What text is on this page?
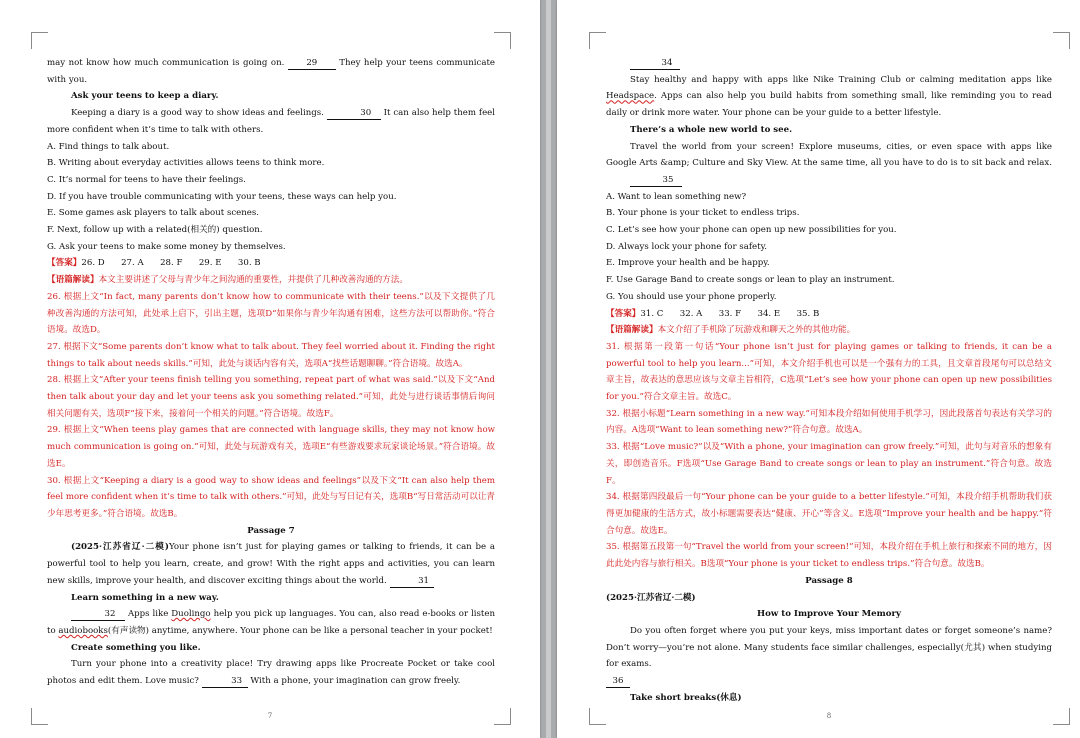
may not know how much communication is going on. 29 They help your teens communicate with you.

Ask your teens to keep a diary.

Keeping a diary is a good way to show ideas and feelings.	30 It can also help them feel more confident when it’s time to talk with others.

A. Find things to talk about.

B. Writing about everyday activities allows teens to think more.

C. It’s normal for teens to have their feelings.

D. If you have trouble communicating with your teens, these ways can help you.

E. Some games ask players to talk about scenes.

F. Next, follow up with a related(相关的) question.

G. Ask your teens to make some money by themselves.

【答案】26. D      27. A      28. F      29. E      30. B

【语篇解读】本文主要讲述了父母与青少年之间沟通的重要性，并提供了几种改善沟通的方法。

26. 根据上文“In fact, many parents don’t know how to communicate with their teens.”以及下文提供了几种改善沟通的方法可知，此处承上启下，引出主题，选项D“如果你与青少年沟通有困难，这些方法可以帮助你。”符合语境。故选D。

27. 根据下文“Some parents don’t know what to talk about. They feel worried about it. Finding the right things to talk about needs skills.”可知，此处与谈话内容有关，选项A“找些话题聊聊。”符合语境。故选A。

28. 根据上文“After your teens finish telling you something, repeat part of what was said.”以及下文“And then talk about your day and let your teens ask you something related.”可知，此处与进行谈话事情后询问相关问题有关，选项F“接下来，接着问一个相关的问题。”符合语境。故选F。

29. 根据上文“When teens play games that are connected with language skills, they may not know how much communication is going on.”可知，此处与玩游戏有关，选项E“有些游戏要求玩家谈论场景。”符合语境。故选E。

30. 根据上文“Keeping a diary is a good way to show ideas and feelings”以及下文“It can also help them feel more confident when it’s time to talk with others.”可知，此处与写日记有关，选项B“写日常活动可以让青少年思考更多。”符合语境。故选B。

Passage 7

(2025·江苏省辽·二模)Your phone isn’t just for playing games or talking to friends, it can be a powerful tool to help you learn, create, and grow! With the right apps and activities, you can learn new skills, improve your health, and discover exciting things about the world.	31

Learn something in a new way.

32 Apps like Duolingo help you pick up languages. You can, also read e-books or listen to audiobooks(有声读物) anytime, anywhere. Your phone can be like a personal teacher in your pocket!

Create something you like.

Turn your phone into a creativity place! Try drawing apps like Procreate Pocket or take cool photos and edit them. Love music?	33 With a phone, your imagination can grow freely.

7

34

Stay healthy and happy with apps like Nike Training Club or calming meditation apps like Headspace. Apps can also help you build habits from something small, like reminding you to read daily or drink more water. Your phone can be your guide to a better lifestyle.

There’s a whole new world to see.

Travel the world from your screen! Explore museums, cities, or even space with apps like Google Arts &amp; Culture and Sky View. At the same time, all you have to do is to sit back and relax.

35

A. Want to lean something new?

B. Your phone is your ticket to endless trips.

C. Let’s see how your phone can open up new possibilities for you.

D. Always lock your phone for safety.

E. Improve your health and be happy.

F. Use Garage Band to create songs or lean to play an instrument.

G. You should use your phone properly.

【答案】31. C      32. A      33. F      34. E      35. B

【语篇解读】本文介绍了手机除了玩游戏和聊天之外的其他功能。

31. 根据第一段第一句话“Your phone isn’t just for playing games or talking to friends, it can be a powerful tool to help you learn...”可知，本文介绍手机也可以是一个强有力的工具，且文章首段尾句可以总结文章主旨，故表达的意思应该与文章主旨相符，C选项“Let’s see how your phone can open up new possibilities for you.”符合文章主旨。故选C。

32. 根据小标题“Learn something in a new way.”可知本段介绍如何使用手机学习，因此段落首句表达有关学习的内容。A选项“Want to lean something new?”符合句意。故选A。

33. 根据“Love music?”以及“With a phone, your imagination can grow freely.”可知，此句与对音乐的想象有关，即创造音乐。F选项“Use Garage Band to create songs or lean to play an instrument.”符合句意。故选F。

34. 根据第四段最后一句“Your phone can be your guide to a better lifestyle.”可知，本段介绍手机帮助我们获得更加健康的生活方式，故小标题需要表达“健康、开心”等含义。E选项“Improve your health and be happy.”符合句意。故选E。

35. 根据第五段第一句“Travel the world from your screen!”可知，本段介绍在手机上旅行和探索不同的地方，因此此处内容与旅行相关。B选项“Your phone is your ticket to endless trips.”符合句意。故选B。

Passage 8

(2025·江苏省辽·二模)

How to Improve Your Memory

Do you often forget where you put your keys, miss important dates or forget someone’s name? Don’t worry—you’re not alone. Many students face similar challenges, especially(尤其) when studying for exams.

36

Take short breaks(休息)

8
